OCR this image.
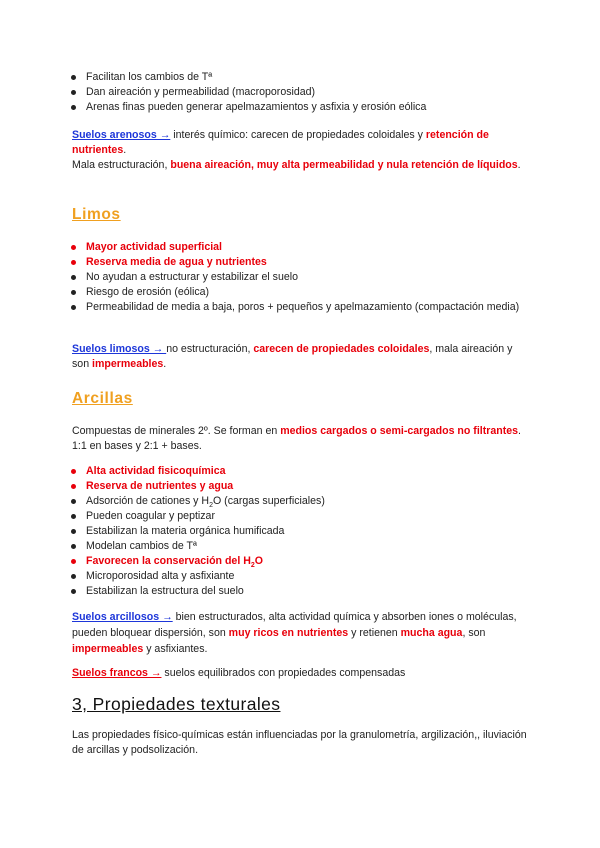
Facilitan los cambios de Tª
Dan aireación y permeabilidad (macroporosidad)
Arenas finas pueden generar apelmazamientos y asfixia y erosión eólica
Suelos arenosos → interés químico: carecen de propiedades coloidales y retención de nutrientes.
Mala estructuración, buena aireación, muy alta permeabilidad y nula retención de líquidos.
Limos
Mayor actividad superficial
Reserva media de agua y nutrientes
No ayudan a estructurar y estabilizar el suelo
Riesgo de erosión (eólica)
Permeabilidad de media a baja, poros + pequeños y apelmazamiento (compactación media)
Suelos limosos → no estructuración, carecen de propiedades coloidales, mala aireación y son impermeables.
Arcillas
Compuestas de minerales 2º. Se forman en medios cargados o semi-cargados no filtrantes. 1:1 en bases y 2:1 + bases.
Alta actividad fisicoquímica
Reserva de nutrientes y agua
Adsorción de cationes y $H_2O$ (cargas superficiales)
Pueden coagular y peptizar
Estabilizan la materia orgánica humificada
Modelan cambios de Tª
Favorecen la conservación del $H_2O$
Microporosidad alta y asfixiante
Estabilizan la estructura del suelo
Suelos arcillosos → bien estructurados, alta actividad química y absorben iones o moléculas, pueden bloquear dispersión, son muy ricos en nutrientes y retienen mucha agua, son impermeables y asfixiantes.
Suelos francos → suelos equilibrados con propiedades compensadas
3, Propiedades texturales
Las propiedades físico-químicas están influenciadas por la granulometría, argilización,, iluviación de arcillas y podsolización.
